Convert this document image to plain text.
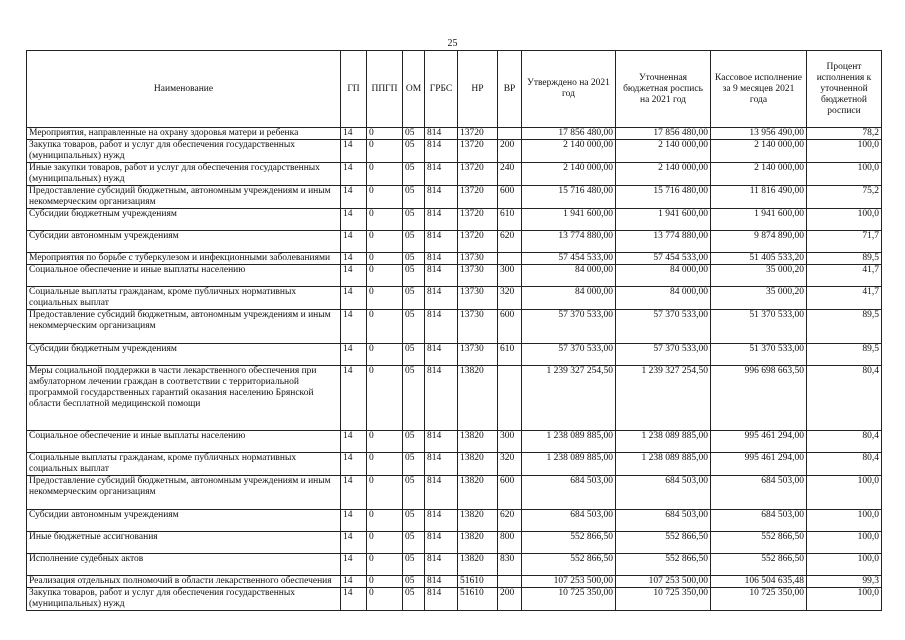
25
Наименование	ГП	ППГП	ОМ	ГРБС	НР	ВР	Утверждено на 2021 год	Уточненная бюджетная роспись на 2021 год	Кассовое исполнение за 9 месяцев 2021 года	Процент исполнения к уточненной бюджетной росписи
Мероприятия, направленные на охрану здоровья матери и ребенка	14	0	05	814	13720		17 856 480,00	17 856 480,00	13 956 490,00	78,2
Закупка товаров, работ и услуг для обеспечения государственных (муниципальных) нужд	14	0	05	814	13720	200	2 140 000,00	2 140 000,00	2 140 000,00	100,0
Иные закупки товаров, работ и услуг для обеспечения государственных (муниципальных) нужд	14	0	05	814	13720	240	2 140 000,00	2 140 000,00	2 140 000,00	100,0
Предоставление субсидий бюджетным, автономным учреждениям и иным некоммерческим организациям	14	0	05	814	13720	600	15 716 480,00	15 716 480,00	11 816 490,00	75,2
Субсидии бюджетным учреждениям	14	0	05	814	13720	610	1 941 600,00	1 941 600,00	1 941 600,00	100,0
Субсидии автономным учреждениям	14	0	05	814	13720	620	13 774 880,00	13 774 880,00	9 874 890,00	71,7
Мероприятия по борьбе с туберкулезом и инфекционными заболеваниями	14	0	05	814	13730		57 454 533,00	57 454 533,00	51 405 533,20	89,5
Социальное обеспечение и иные выплаты населению	14	0	05	814	13730	300	84 000,00	84 000,00	35 000,20	41,7
Социальные выплаты гражданам, кроме публичных нормативных социальных выплат	14	0	05	814	13730	320	84 000,00	84 000,00	35 000,20	41,7
Предоставление субсидий бюджетным, автономным учреждениям и иным некоммерческим организациям	14	0	05	814	13730	600	57 370 533,00	57 370 533,00	51 370 533,00	89,5
Субсидии бюджетным учреждениям	14	0	05	814	13730	610	57 370 533,00	57 370 533,00	51 370 533,00	89,5
Меры социальной поддержки в части лекарственного обеспечения при амбулаторном лечении граждан в соответствии с территориальной программой государственных гарантий оказания населению Брянской области бесплатной медицинской помощи	14	0	05	814	13820		1 239 327 254,50	1 239 327 254,50	996 698 663,50	80,4
Социальное обеспечение и иные выплаты населению	14	0	05	814	13820	300	1 238 089 885,00	1 238 089 885,00	995 461 294,00	80,4
Социальные выплаты гражданам, кроме публичных нормативных социальных выплат	14	0	05	814	13820	320	1 238 089 885,00	1 238 089 885,00	995 461 294,00	80,4
Предоставление субсидий бюджетным, автономным учреждениям и иным некоммерческим организациям	14	0	05	814	13820	600	684 503,00	684 503,00	684 503,00	100,0
Субсидии автономным учреждениям	14	0	05	814	13820	620	684 503,00	684 503,00	684 503,00	100,0
Иные бюджетные ассигнования	14	0	05	814	13820	800	552 866,50	552 866,50	552 866,50	100,0
Исполнение судебных актов	14	0	05	814	13820	830	552 866,50	552 866,50	552 866,50	100,0
Реализация отдельных полномочий в области лекарственного обеспечения	14	0	05	814	51610		107 253 500,00	107 253 500,00	106 504 635,48	99,3
Закупка товаров, работ и услуг для обеспечения государственных (муниципальных) нужд	14	0	05	814	51610	200	10 725 350,00	10 725 350,00	10 725 350,00	100,0
